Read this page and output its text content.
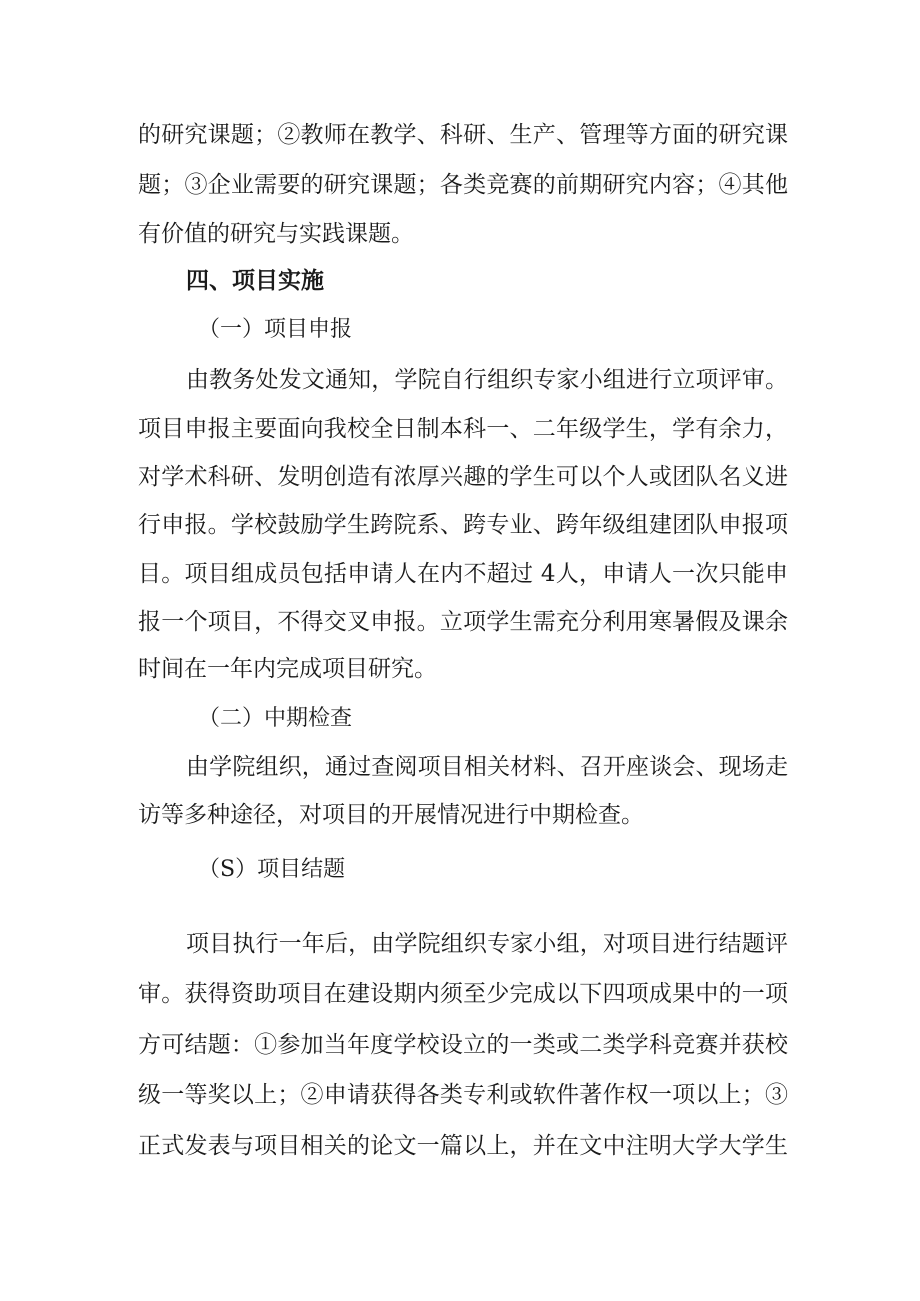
的研究课题；②教师在教学、科研、生产、管理等方面的研究课
题；③企业需要的研究课题；各类竞赛的前期研究内容；④其他
有价值的研究与实践课题。
四、项目实施
（一）项目申报
由教务处发文通知，学院自行组织专家小组进行立项评审。
项目申报主要面向我校全日制本科一、二年级学生，学有余力，
对学术科研、发明创造有浓厚兴趣的学生可以个人或团队名义进
行申报。学校鼓励学生跨院系、跨专业、跨年级组建团队申报项
目。项目组成员包括申请人在内不超过 4人，申请人一次只能申
报一个项目，不得交叉申报。立项学生需充分利用寒暑假及课余
时间在一年内完成项目研究。
（二）中期检查
由学院组织，通过查阅项目相关材料、召开座谈会、现场走
访等多种途径，对项目的开展情况进行中期检查。
（S）项目结题
项目执行一年后，由学院组织专家小组，对项目进行结题评
审。获得资助项目在建设期内须至少完成以下四项成果中的一项
方可结题：①参加当年度学校设立的一类或二类学科竞赛并获校
级一等奖以上；②申请获得各类专利或软件著作权一项以上；③
正式发表与项目相关的论文一篇以上，并在文中注明大学大学生
